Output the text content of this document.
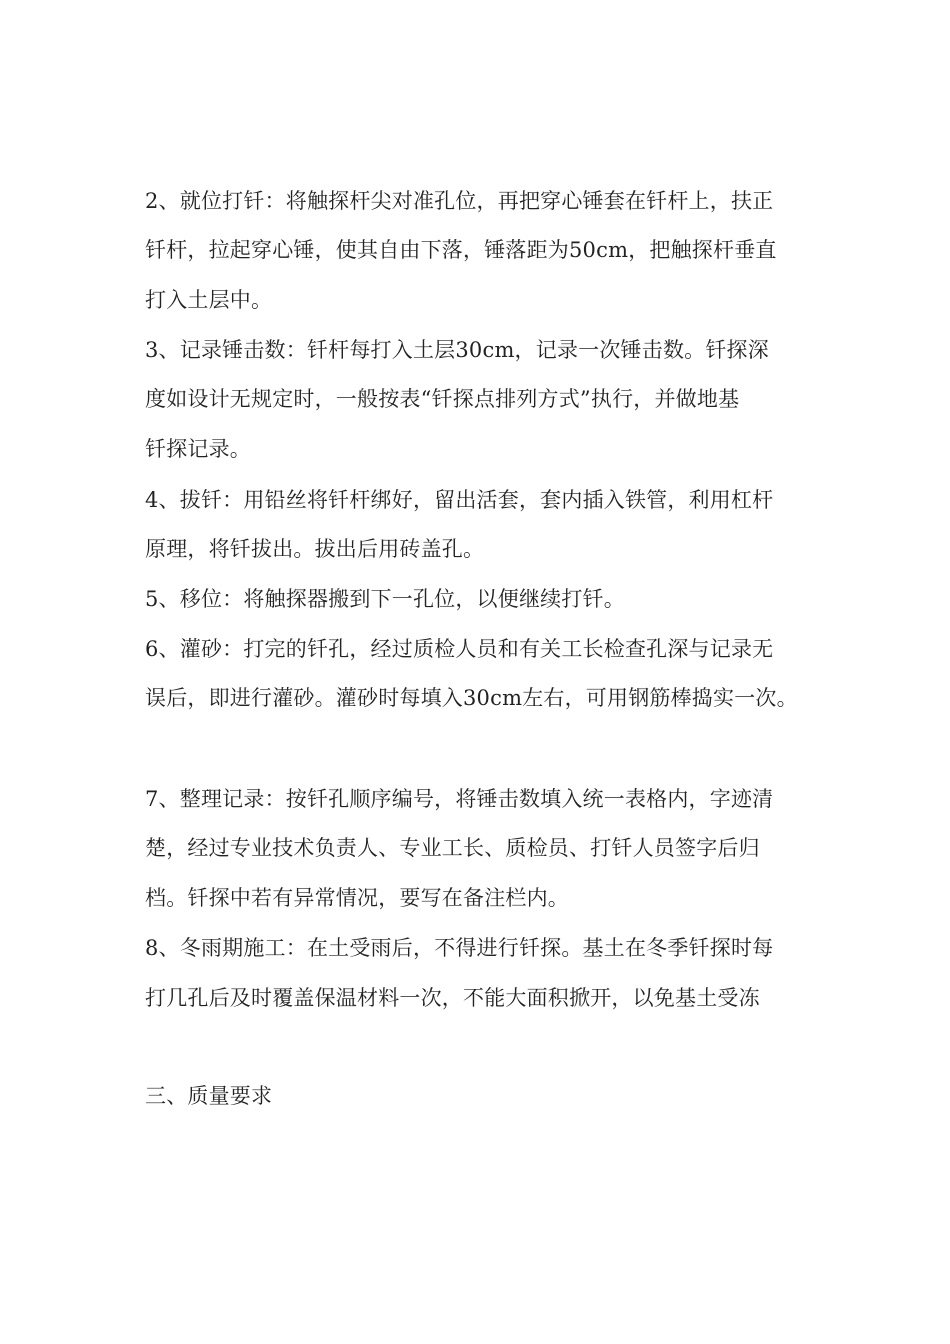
2、就位打钎：将触探杆尖对准孔位，再把穿心锤套在钎杆上，扶正
钎杆，拉起穿心锤，使其自由下落，锤落距为50cm，把触探杆垂直
打入土层中。
3、记录锤击数：钎杆每打入土层30cm，记录一次锤击数。钎探深
度如设计无规定时，一般按表“钎探点排列方式”执行，并做地基
钎探记录。
4、拔钎：用铅丝将钎杆绑好，留出活套，套内插入铁管，利用杠杆
原理，将钎拔出。拔出后用砖盖孔。
5、移位：将触探器搬到下一孔位，以便继续打钎。
6、灌砂：打完的钎孔，经过质检人员和有关工长检查孔深与记录无
误后，即进行灌砂。灌砂时每填入30cm左右，可用钢筋棒捣实一次。
7、整理记录：按钎孔顺序编号，将锤击数填入统一表格内，字迹清
楚，经过专业技术负责人、专业工长、质检员、打钎人员签字后归
档。钎探中若有异常情况，要写在备注栏内。
8、冬雨期施工：在土受雨后，不得进行钎探。基土在冬季钎探时每
打几孔后及时覆盖保温材料一次，不能大面积掀开，以免基土受冻
三、质量要求
